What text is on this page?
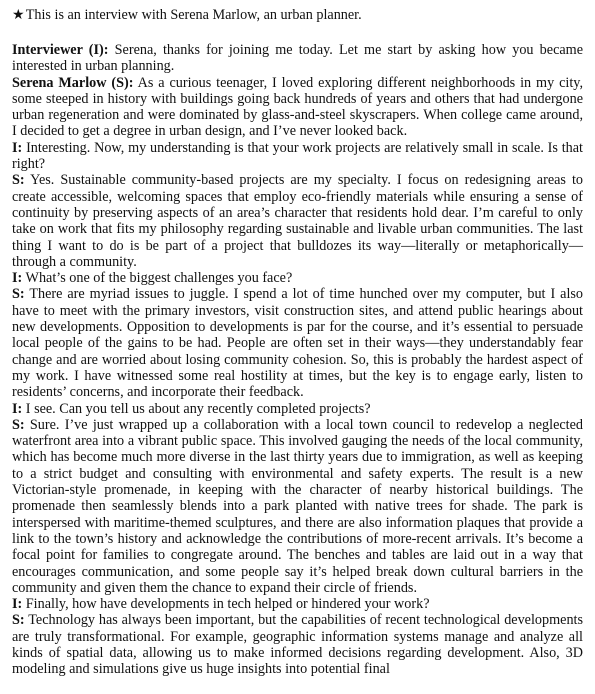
★This is an interview with Serena Marlow, an urban planner.

Interviewer (I): Serena, thanks for joining me today. Let me start by asking how you became interested in urban planning.

Serena Marlow (S): As a curious teenager, I loved exploring different neighborhoods in my city, some steeped in history with buildings going back hundreds of years and others that had undergone urban regeneration and were dominated by glass-and-steel skyscrapers. When college came around, I decided to get a degree in urban design, and I’ve never looked back.

I: Interesting. Now, my understanding is that your work projects are relatively small in scale. Is that right?

S: Yes. Sustainable community-based projects are my specialty. I focus on redesigning areas to create accessible, welcoming spaces that employ eco-friendly materials while ensuring a sense of continuity by preserving aspects of an area’s character that residents hold dear. I’m careful to only take on work that fits my philosophy regarding sustainable and livable urban communities. The last thing I want to do is be part of a project that bulldozes its way—literally or metaphorically—through a community.

I: What’s one of the biggest challenges you face?

S: There are myriad issues to juggle. I spend a lot of time hunched over my computer, but I also have to meet with the primary investors, visit construction sites, and attend public hearings about new developments. Opposition to developments is par for the course, and it’s essential to persuade local people of the gains to be had. People are often set in their ways—they understandably fear change and are worried about losing community cohesion. So, this is probably the hardest aspect of my work. I have witnessed some real hostility at times, but the key is to engage early, listen to residents’ concerns, and incorporate their feedback.

I: I see. Can you tell us about any recently completed projects?

S: Sure. I’ve just wrapped up a collaboration with a local town council to redevelop a neglected waterfront area into a vibrant public space. This involved gauging the needs of the local community, which has become much more diverse in the last thirty years due to immigration, as well as keeping to a strict budget and consulting with environmental and safety experts. The result is a new Victorian-style promenade, in keeping with the character of nearby historical buildings. The promenade then seamlessly blends into a park planted with native trees for shade. The park is interspersed with maritime-themed sculptures, and there are also information plaques that provide a link to the town’s history and acknowledge the contributions of more-recent arrivals. It’s become a focal point for families to congregate around. The benches and tables are laid out in a way that encourages communication, and some people say it’s helped break down cultural barriers in the community and given them the chance to expand their circle of friends.

I: Finally, how have developments in tech helped or hindered your work?

S: Technology has always been important, but the capabilities of recent technological developments are truly transformational. For example, geographic information systems manage and analyze all kinds of spatial data, allowing us to make informed decisions regarding development. Also, 3D modeling and simulations give us huge insights into potential final
